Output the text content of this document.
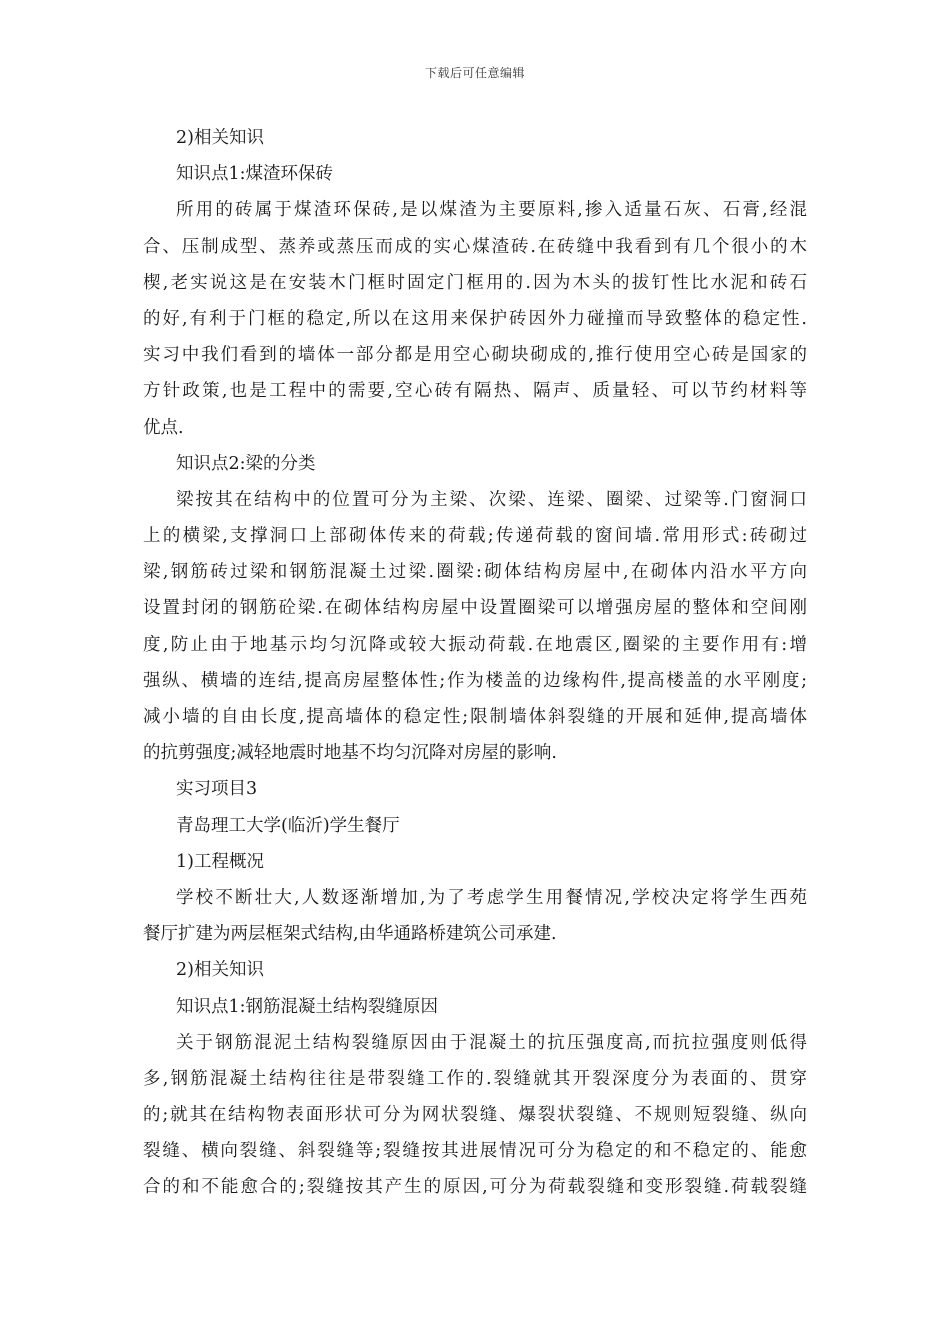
下载后可任意编辑
2)相关知识
知识点1:煤渣环保砖
所用的砖属于煤渣环保砖,是以煤渣为主要原料,掺入适量石灰、石膏,经混
合、压制成型、蒸养或蒸压而成的实心煤渣砖.在砖缝中我看到有几个很小的木
楔,老实说这是在安装木门框时固定门框用的.因为木头的拔钉性比水泥和砖石
的好,有利于门框的稳定,所以在这用来保护砖因外力碰撞而导致整体的稳定性.
实习中我们看到的墙体一部分都是用空心砌块砌成的,推行使用空心砖是国家的
方针政策,也是工程中的需要,空心砖有隔热、隔声、质量轻、可以节约材料等
优点.
知识点2:梁的分类
梁按其在结构中的位置可分为主梁、次梁、连梁、圈梁、过梁等.门窗洞口
上的横梁,支撑洞口上部砌体传来的荷载;传递荷载的窗间墙.常用形式:砖砌过
梁,钢筋砖过梁和钢筋混凝土过梁.圈梁:砌体结构房屋中,在砌体内沿水平方向
设置封闭的钢筋砼梁.在砌体结构房屋中设置圈梁可以增强房屋的整体和空间刚
度,防止由于地基示均匀沉降或较大振动荷载.在地震区,圈梁的主要作用有:增
强纵、横墙的连结,提高房屋整体性;作为楼盖的边缘构件,提高楼盖的水平刚度;
减小墙的自由长度,提高墙体的稳定性;限制墙体斜裂缝的开展和延伸,提高墙体
的抗剪强度;减轻地震时地基不均匀沉降对房屋的影响.
实习项目3
青岛理工大学(临沂)学生餐厅
1)工程概况
学校不断壮大,人数逐渐增加,为了考虑学生用餐情况,学校决定将学生西苑
餐厅扩建为两层框架式结构,由华通路桥建筑公司承建.
2)相关知识
知识点1:钢筋混凝土结构裂缝原因
关于钢筋混泥土结构裂缝原因由于混凝土的抗压强度高,而抗拉强度则低得
多,钢筋混凝土结构往往是带裂缝工作的.裂缝就其开裂深度分为表面的、贯穿
的;就其在结构物表面形状可分为网状裂缝、爆裂状裂缝、不规则短裂缝、纵向
裂缝、横向裂缝、斜裂缝等;裂缝按其进展情况可分为稳定的和不稳定的、能愈
合的和不能愈合的;裂缝按其产生的原因,可分为荷载裂缝和变形裂缝.荷载裂缝
